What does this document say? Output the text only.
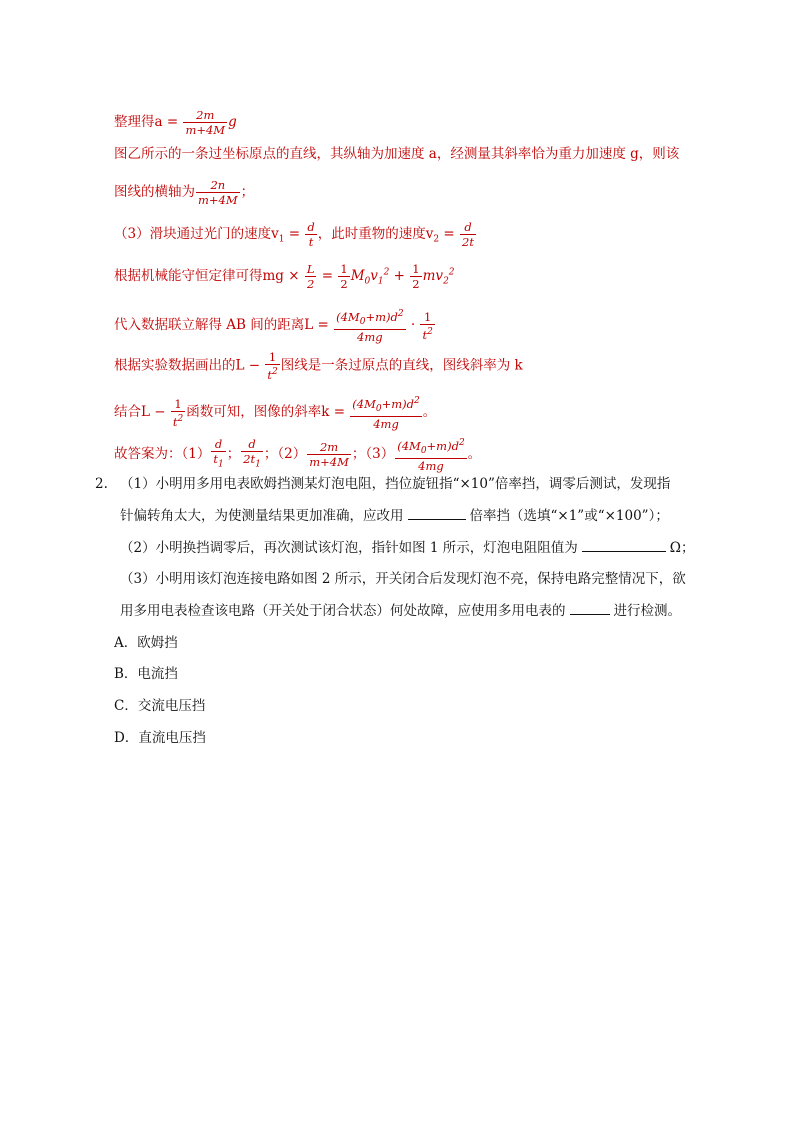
整理得$a = \frac{2m}{m+4M}$ g
图乙所示的一条过坐标原点的直线，其纵轴为加速度 a，经测量其斜率恰为重力加速度 g，则该
图线的横轴为 $\frac{2n}{m+4M}$ ；
（3）滑块通过光门的速度$v_1 = \frac{d}{t}$ ，此时重物的速度$v_2 = \frac{d}{2t}$
根据机械能守恒定律可得mg × $\frac{L}{2} = \frac{1}{2} M_0v_1^2 + \frac{1}{2} mv_2^2$
代入数据联立解得 AB 间的距离$L = \frac{(4M_0+m)d^2}{4mg} \cdot \frac{1}{t^2}$
根据实验数据画出的$L - \frac{1}{t^2}$ 图线是一条过原点的直线，图线斜率为 k
结合$L - \frac{1}{t^2}$ 函数可知，图像的斜率$k = \frac{(4M_0+m)d^2}{4mg}$ 。
故答案为：$(1) \frac{d}{t_1}$ ； $\frac{d}{2t_1}$ ；$(2) \frac{2m}{m+4M}$ ；$(3) \frac{(4M_0+m)d^2}{4mg}$ 。
2. （1）小明用多用电表欧姆挡测某灯泡电阻，挡位旋钮指“×10”倍率挡，调零后测试，发现指
针偏转角太大，为使测量结果更加准确，应改用	倍率挡（选填“×1”或“×100”）；
（2）小明换挡调零后，再次测试该灯泡，指针如图 1 所示，灯泡电阻阻值为	Ω；
（3）小明用该灯泡连接电路如图 2 所示，开关闭合后发现灯泡不亮，保持电路完整情况下，欲
用多用电表检查该电路（开关处于闭合状态）何处故障，应使用多用电表的	进行检测。
A．欧姆挡
B．电流挡
C．交流电压挡
D．直流电压挡
